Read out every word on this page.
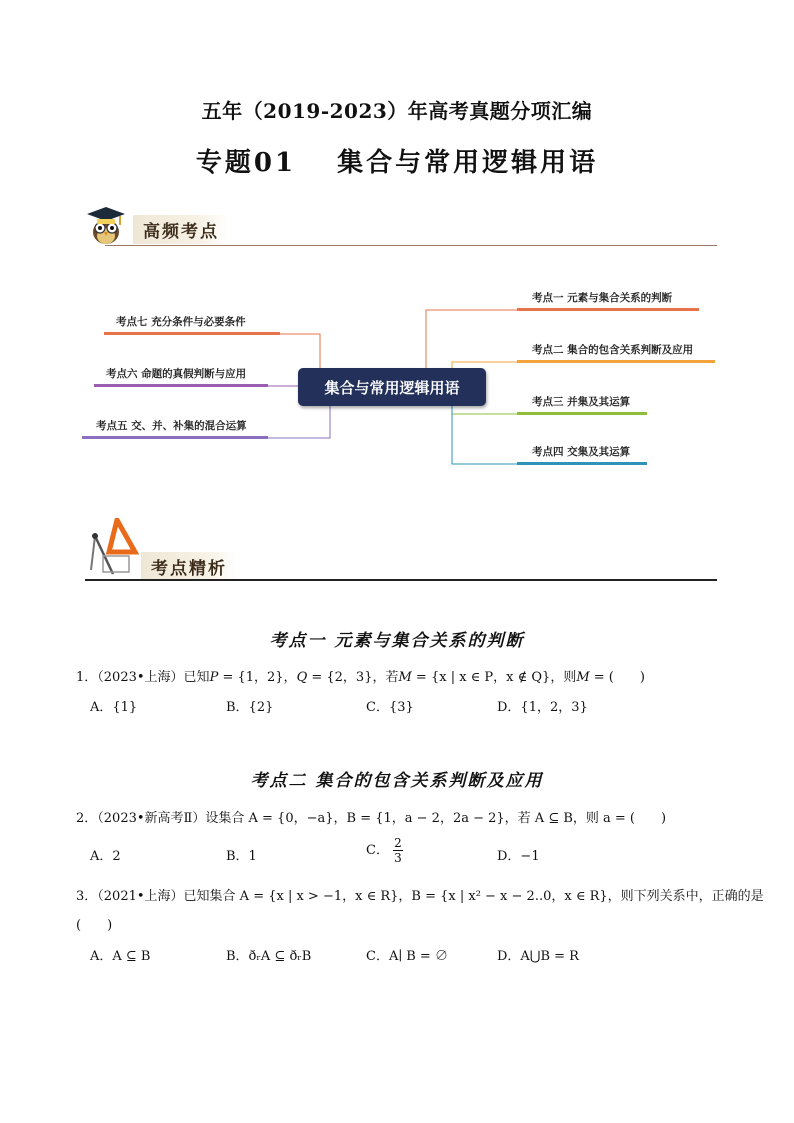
五年（2019-2023）年高考真题分项汇编
专题01　 集合与常用逻辑用语
高频考点
集合与常用逻辑用语
考点一 元素与集合关系的判断
考点二 集合的包含关系判断及应用
考点三 并集及其运算
考点四 交集及其运算
考点七 充分条件与必要条件
考点六 命题的真假判断与应用
考点五 交、并、补集的混合运算
考点精析
考点一 元素与集合关系的判断
1．（2023•上海）已知P = {1，2}，Q = {2，3}，若M = {x | x ∈ P，x ∉ Q}，则M = (　　)
A．{1}	B．{2}	C．{3}	D．{1，2，3}
考点二 集合的包含关系判断及应用
2．（2023•新高考Ⅱ）设集合 A = {0，−a}，B = {1，a − 2，2a − 2}，若 A ⊆ B，则 a = (　　)
A．2	B．1	C． $\frac{2}{3}$	D．−1
3．（2021•上海）已知集合 A = {x | x > −1，x ∈ R}，B = {x | x² − x − 2..0，x ∈ R}，则下列关系中，正确的是
(　　)
A．A ⊆ B	B．ðᵣA ⊆ ðᵣB	C．A∣ B = ∅	D．A⋃B = R
